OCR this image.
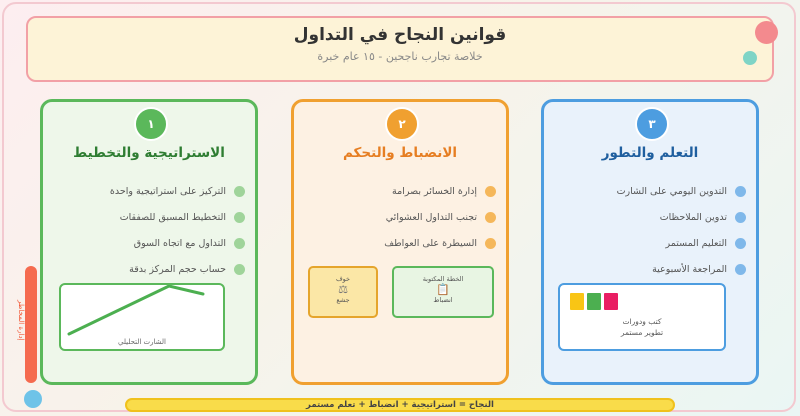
قوانين النجاح في التداول
خلاصة تجارب ناجحين - ١٥ عام خبرة
١
الاستراتيجية والتخطيط
التركيز على استراتيجية واحدة
التخطيط المسبق للصفقات
التداول مع اتجاه السوق
حساب حجم المركز بدقة
الشارت التحليلي
٢
الانضباط والتحكم
إدارة الخسائر بصرامة
تجنب التداول العشوائي
السيطرة على العواطف
خوف
⚖
جشع
الخطة المكتوبة
📋
انضباط
٣
التعلم والتطور
التدوين اليومي على الشارت
تدوين الملاحظات
التعليم المستمر
المراجعة الأسبوعية
كتب ودورات
تطوير مستمر
إدارة المخاطر
النجاح = استراتيجية + انضباط + تعلم مستمر
